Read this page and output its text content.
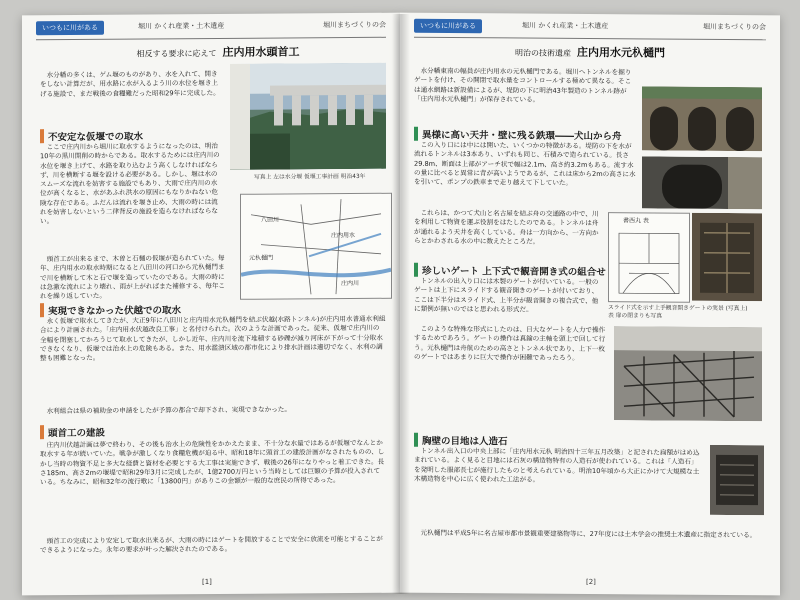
いつもに川がある	堀川 かくれ産業・土木遺産	堀川まちづくりの会
相反する要求に応えて 庄内用水頭首工

水分幡の多くは、ゲム堰のものがあり、水を入れて、開きをしない計算だが、用水路に水が入るよう川の水位を堰き上げる施設で、まだ戦後の食糧難だった昭和29年に完成した。

不安定な仮堰での取水

ここで庄内川から堀川に取水するようになったのは、明治10年の黒川開削の時からである。取水するためには庄内川の水位を堰き上げて、水路を取り込むよう高くしなければならず、川を横断する堰を設ける必要がある。しかし、堰は水のスムーズな流れを妨害する施設でもあり、大雨で庄内川の水位が高くなると、水があふれ洪水の原因にもなりかねない危険な存在である。ふだんは流れを堰き止め、大雨の時には流れを妨害しないという二律背反の施設を造らなければならない。

写真上 左は水分堰 仮堰工事計画 明治43年
庄内用水
八田川
庄内川
元杁樋門

頭首工が出来るまで、木曽と石樋の仮堰が造られていた。毎年、庄内用水の取水時期になると八田川の河口から元杁樋門まで川を横断して木と石で堰を造っていたのである。大雨の時には急激な流れにより壊れ、雨が上がればまた補修する、毎年これを繰り返していた。

実現できなかった伏越での取水

永く仮堰で取水してきたが、大正9年に八田川と庄内用水元杁樋門を結ぶ伏越(水路トンネル)が庄内用水普通水利組合により計画された。「庄内用水伏越改良工事」と名付けられた。次のような計画であった。従来、仮堰で庄内川の全幅を閉塞してかろうじて取水してきたが、しかし近年、庄内川を流下堆積する砂礫が減り河床が下がって十分取水できなくなり、仮堰では治水上の危険もある。また、用水濫潰区域の都市化により排水計画は適切でなく、水利の調整も困難となった。

水利組合は県の補助金の申請をしたが予算の都合で却下され、実現できなかった。

頭首工の建設

庄内川伏越計画は夢で終わり、その後も治水上の危険性をかかえたまま、不十分な水量ではあるが仮堰でなんとか取水する年が続いていた。戦争が激しくなり食糧危機が迫る中、昭和18年に頭首工の建設計画がなされたものの、しかし当時の物資不足と多大な経費と資材を必要とする大工事は実施できず、戦後の26年になりやっと着工できた。長さ185m、高さ2mの堰堤で昭和29年3月に完成したが、1億2700万円という当時としては巨額の予算が投入されている。ちなみに、昭和32年の流行歌に「13800円」がありこの金額が一般的な庶民の所得であった。

頭首工の完成により安定して取水出来るが、大雨の時にはゲートを開放することで安全に放流を可能とすることができるようになった。永年の要求が叶った解決されたのである。

[1]
いつもに川がある	堀川 かくれ産業・土木遺産	堀川まちづくりの会
明治の技術遺産 庄内用水元杁樋門

水分幡東南の幅員が庄内用水の元杁樋門である。堀川へトンネルを掘りゲートを付け、その開閉で取水量をコントロールする極めて異なる。そこは通水網路は新設備によるが、堤防の下に明治43年製造のトンネル跡が「庄内用水元杁樋門」が保存されている。

異様に高い天井・壁に残る鉄環――犬山から舟

この入り口には中には開いた、いくつかの特徴がある。堤防の下を水が流れるトンネルは3本あり、いずれも同じ、石積みで造られている。長さ29.8m、断面は上部がアーチ状で幅は2.1m、高さ約3.2mもある。流す水の量に比べると異常に背が高いようであるが、これは床から2mの高さに水を引いて、ポンプの鉄車まで走り越えて下していた。

これらは、かつて犬山と名古屋を結ぶ舟の交通路の中で、川を利用して物資を運ぶ役割をはたしたのである。トンネルは舟が通れるよう天井を高くしている。舟は一方向から、一方向からとかわされる水の中に数えたところだ。

書西丸 表
スライド式を示す上手観音開きゲートの実景 (写真上)
表 扉の閉まりも写真
珍しいゲート 上下式で観音開き式の組合せ

トンネルの出入り口には木製のゲートが付いている。一般のゲートは上下にスライドする観音開きのゲートが付いており、ここは下半分はスライド式、上半分が観音開きの複合式で、他に類例が無いのではと思われる形式だ。

このような特殊な形式にしたのは、日大なゲートを人力で操作するためであろう。ゲートの操作は真鍮の主軸を頭上で回して行う。元杁樋門は舟航のための高さとトンネル状であり、上下一枚のゲートではあまりに巨大で操作が困難であったろう。

胸壁の目地は人造石

トンネル出入口の中央上部に「庄内用水元杁 明治四十三年五月改築」と記された扁額がはめ込まれている。よく見ると目地には石灰の構造物特有の人造石が使われている。これは「人造石」を発明した服部長七が施行したものと考えられている。明治10年頃から大正にかけて大規模な土木構造物を中心に広く使われた工法がる。

元杁樋門は平成5年に名古屋市都市景観重要建築物等に、27年度には土木学会の推奨土木遺産に指定されている。

[2]
